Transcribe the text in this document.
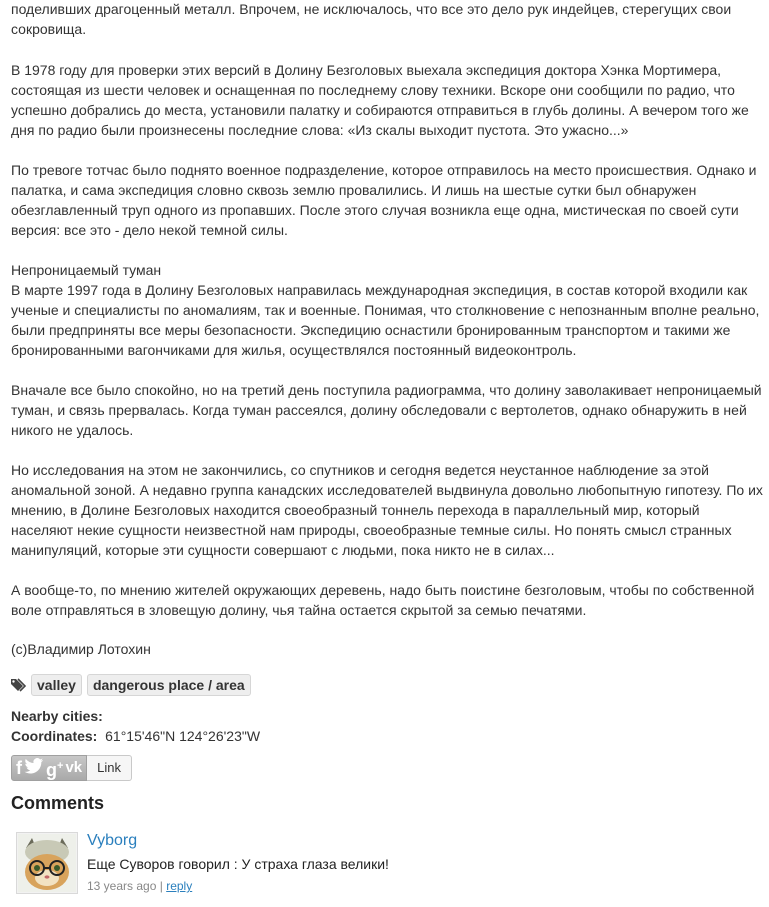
поделивших драгоценный металл. Впрочем, не исключалось, что все это дело рук индейцев, стерегущих свои сокровища.

В 1978 году для проверки этих версий в Долину Безголовых выехала экспедиция доктора Хэнка Мортимера, состоящая из шести человек и оснащенная по последнему слову техники. Вскоре они сообщили по радио, что успешно добрались до места, установили палатку и собираются отправиться в глубь долины. А вечером того же дня по радио были произнесены последние слова: «Из скалы выходит пустота. Это ужасно...»

По тревоге тотчас было поднято военное подразделение, которое отправилось на место происшествия. Однако и палатка, и сама экспедиция словно сквозь землю провалились. И лишь на шестые сутки был обнаружен обезглавленный труп одного из пропавших. После этого случая возникла еще одна, мистическая по своей сути версия: все это - дело некой темной силы.

Непроницаемый туман
В марте 1997 года в Долину Безголовых направилась международная экспедиция, в состав которой входили как ученые и специалисты по аномалиям, так и военные. Понимая, что столкновение с непознанным вполне реально, были предприняты все меры безопасности. Экспедицию оснастили бронированным транспортом и такими же бронированными вагончиками для жилья, осуществлялся постоянный видеоконтроль.

Вначале все было спокойно, но на третий день поступила радиограмма, что долину заволакивает непроницаемый туман, и связь прервалась. Когда туман рассеялся, долину обследовали с вертолетов, однако обнаружить в ней никого не удалось.

Но исследования на этом не закончились, со спутников и сегодня ведется неустанное наблюдение за этой аномальной зоной. А недавно группа канадских исследователей выдвинула довольно любопытную гипотезу. По их мнению, в Долине Безголовых находится своеобразный тоннель перехода в параллельный мир, который населяют некие сущности неизвестной нам природы, своеобразные темные силы. Но понять смысл странных манипуляций, которые эти сущности совершают с людьми, пока никто не в силах...

А вообще-то, по мнению жителей окружающих деревень, надо быть поистине безголовым, чтобы по собственной воле отправляться в зловещую долину, чья тайна остается скрытой за семью печатями.

(c)Владимир Лотохин

valley	dangerous place / area
Nearby cities:
Coordinates: 61°15'46"N 124°26'23"W
f g+ vk	Link
Comments
Vyborg
Еще Суворов говорил : У страха глаза велики!
13 years ago | reply
